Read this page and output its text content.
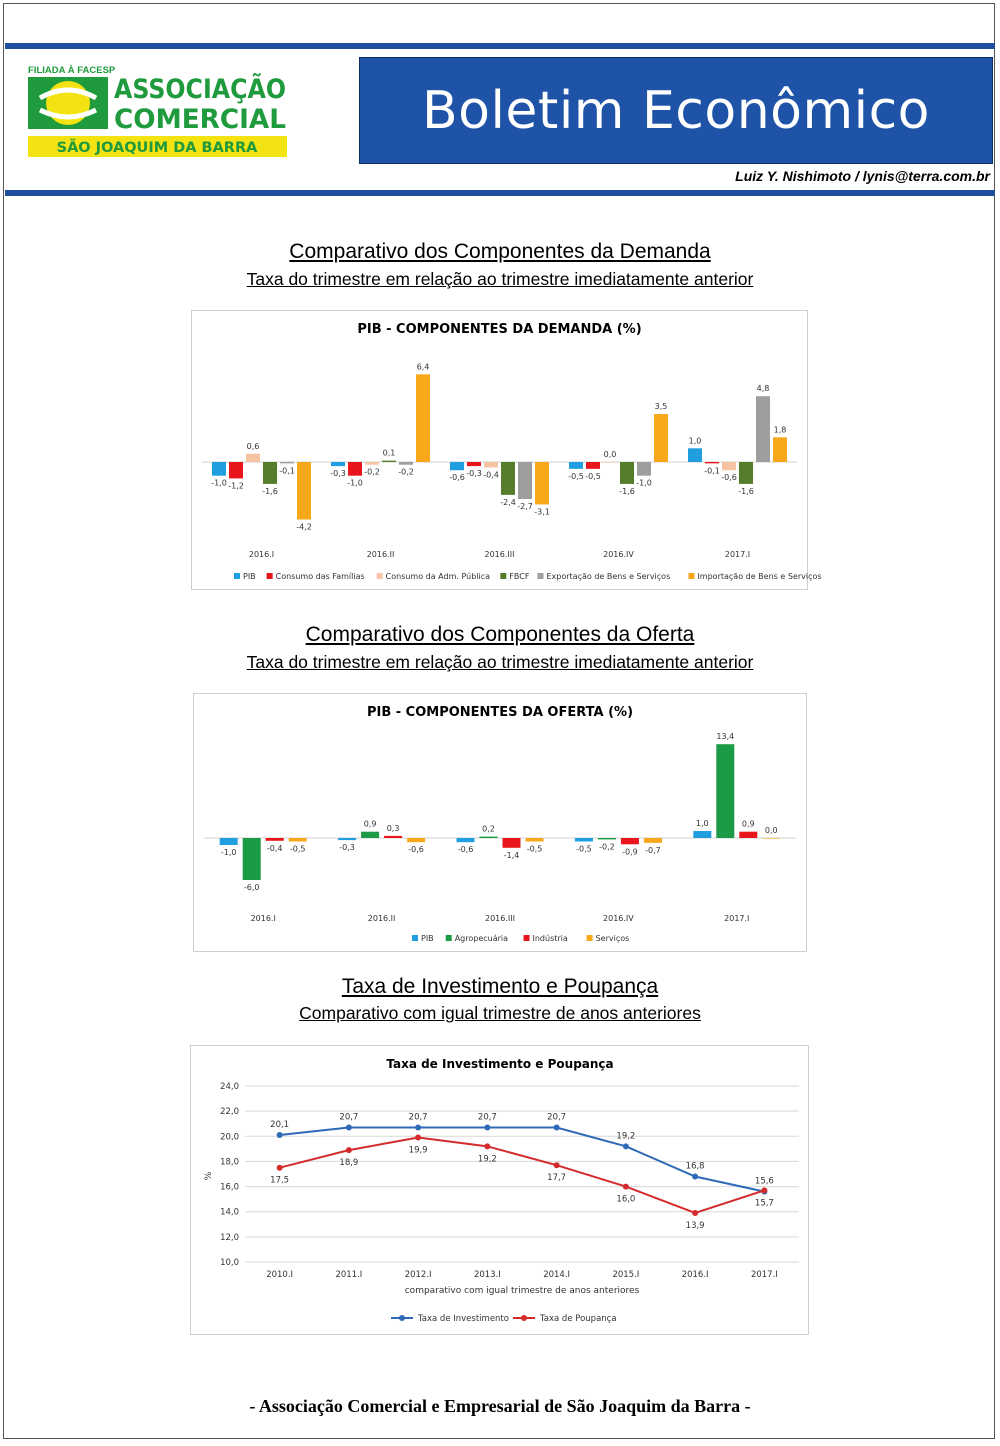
FILIADA À FACESP
ASSOCIAÇÃO
COMERCIAL
SÃO JOAQUIM DA BARRA
Boletim Econômico
Luiz Y. Nishimoto / lynis@terra.com.br
Comparativo dos Componentes da Demanda
Taxa do trimestre em relação ao trimestre imediatamente anterior
PIB - COMPONENTES DA DEMANDA (%)
2016.I
-1,0 -1,2
0,6
-1,6
-0,1
-4,2
2016.II
-0,3
-1,0
-0,2
0,1
-0,2
6,4
2016.III
-0,6 -0,3 -0,4
-2,4 -2,7
-3,1
2016.IV
-0,5 -0,5
0,0
-1,6
-1,0
3,5
2017.I
1,0
-0,1
-0,6
-1,6
4,8
1,8
PIB Consumo das Famílias	Consumo da Adm. Pública FBCF Exportação de Bens e Serviços	Importação de Bens e Serviços
Comparativo dos Componentes da Oferta
Taxa do trimestre em relação ao trimestre imediatamente anterior
PIB - COMPONENTES DA OFERTA (%)
2016.I
-1,0
-6,0
-0,4 -0,5
2016.II
-0,3
0,9 0,3
-0,6
2016.III
-0,6
0,2
-1,4
-0,5
2016.IV
-0,5 -0,2
-0,9 -0,7
2017.I
1,0
13,4
0,9
0,0
PIB	Agropecuária	Indústria	Serviços
Taxa de Investimento e Poupança
Comparativo com igual trimestre de anos anteriores
Taxa de Investimento e Poupança
10,0
12,0
14,0
16,0
18,0
20,0
22,0
24,0
%
2010.I	2011.I	2012.I	2013.I	2014.I	2015.I	2016.I	2017.I
comparativo com igual trimestre de anos anteriores
20,1
20,7	20,7	20,7	20,7
19,2
16,8
15,6
17,5
18,9
19,9
19,2
17,7
16,0
13,9
15,7
Taxa de Investimento	Taxa de Poupança
- Associação Comercial e Empresarial de São Joaquim da Barra -
